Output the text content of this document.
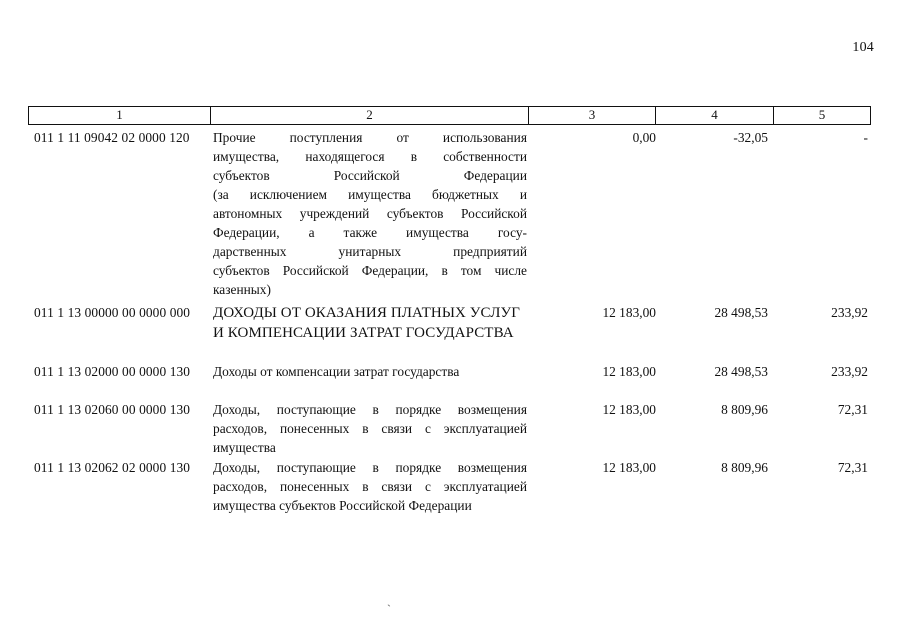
104
1	2	3	4	5
011 1 11 09042 02 0000 120	Прочие поступления от использования
имущества, находящегося в собственности
субъектов Российской Федерации
(за исключением имущества бюджетных и
автономных учреждений субъектов Российской
Федерации, а также имущества госу-
дарственных унитарных предприятий
субъектов Российской Федерации, в том числе
казенных)
0,00	-32,05	-
011 1 13 00000 00 0000 000	ДОХОДЫ ОТ ОКАЗАНИЯ ПЛАТНЫХ УСЛУГ
И КОМПЕНСАЦИИ ЗАТРАТ ГОСУДАРСТВА
12 183,00	28 498,53	233,92
011 1 13 02000 00 0000 130	Доходы от компенсации затрат государства	12 183,00	28 498,53	233,92
011 1 13 02060 00 0000 130	Доходы, поступающие в порядке возмещения
расходов, понесенных в связи с эксплуатацией
имущества
12 183,00	8 809,96	72,31
011 1 13 02062 02 0000 130	Доходы, поступающие в порядке возмещения
расходов, понесенных в связи с эксплуатацией
имущества субъектов Российской Федерации
12 183,00	8 809,96	72,31
ˋ
